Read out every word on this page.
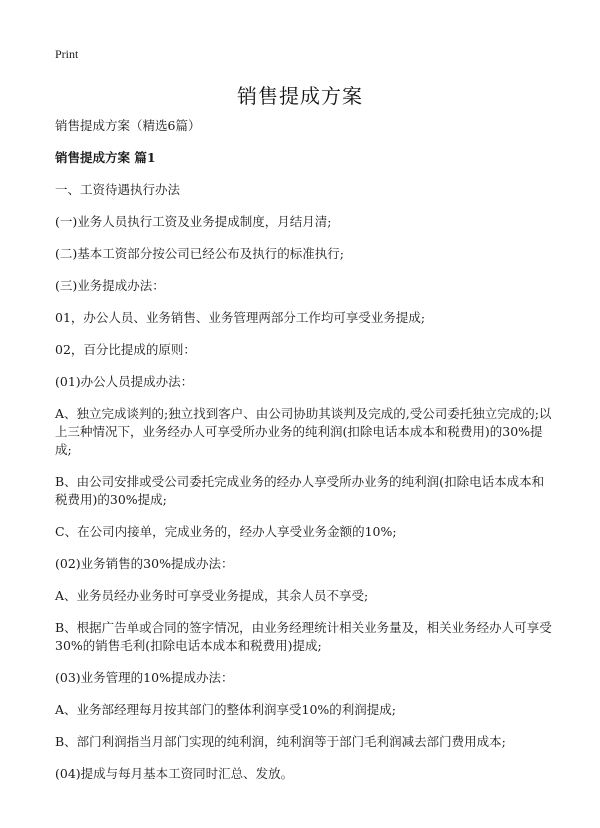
Print
销售提成方案

销售提成方案（精选6篇）

销售提成方案 篇1

一、工资待遇执行办法

(一)业务人员执行工资及业务提成制度，月结月清;

(二)基本工资部分按公司已经公布及执行的标准执行;

(三)业务提成办法：

01，办公人员、业务销售、业务管理两部分工作均可享受业务提成;

02，百分比提成的原则：

(01)办公人员提成办法：

A、独立完成谈判的;独立找到客户、由公司协助其谈判及完成的,受公司委托独立完成的;以上三种情况下，业务经办人可享受所办业务的纯利润(扣除电话本成本和税费用)的30%提成;

B、由公司安排或受公司委托完成业务的经办人享受所办业务的纯利润(扣除电话本成本和税费用)的30%提成;

C、在公司内接单，完成业务的，经办人享受业务金额的10%;

(02)业务销售的30%提成办法：

A、业务员经办业务时可享受业务提成，其余人员不享受;

B、根据广告单或合同的签字情况，由业务经理统计相关业务量及，相关业务经办人可享受30%的销售毛利(扣除电话本成本和税费用)提成;

(03)业务管理的10%提成办法：

A、业务部经理每月按其部门的整体利润享受10%的利润提成;

B、部门利润指当月部门实现的纯利润，纯利润等于部门毛利润减去部门费用成本;

(04)提成与每月基本工资同时汇总、发放。
